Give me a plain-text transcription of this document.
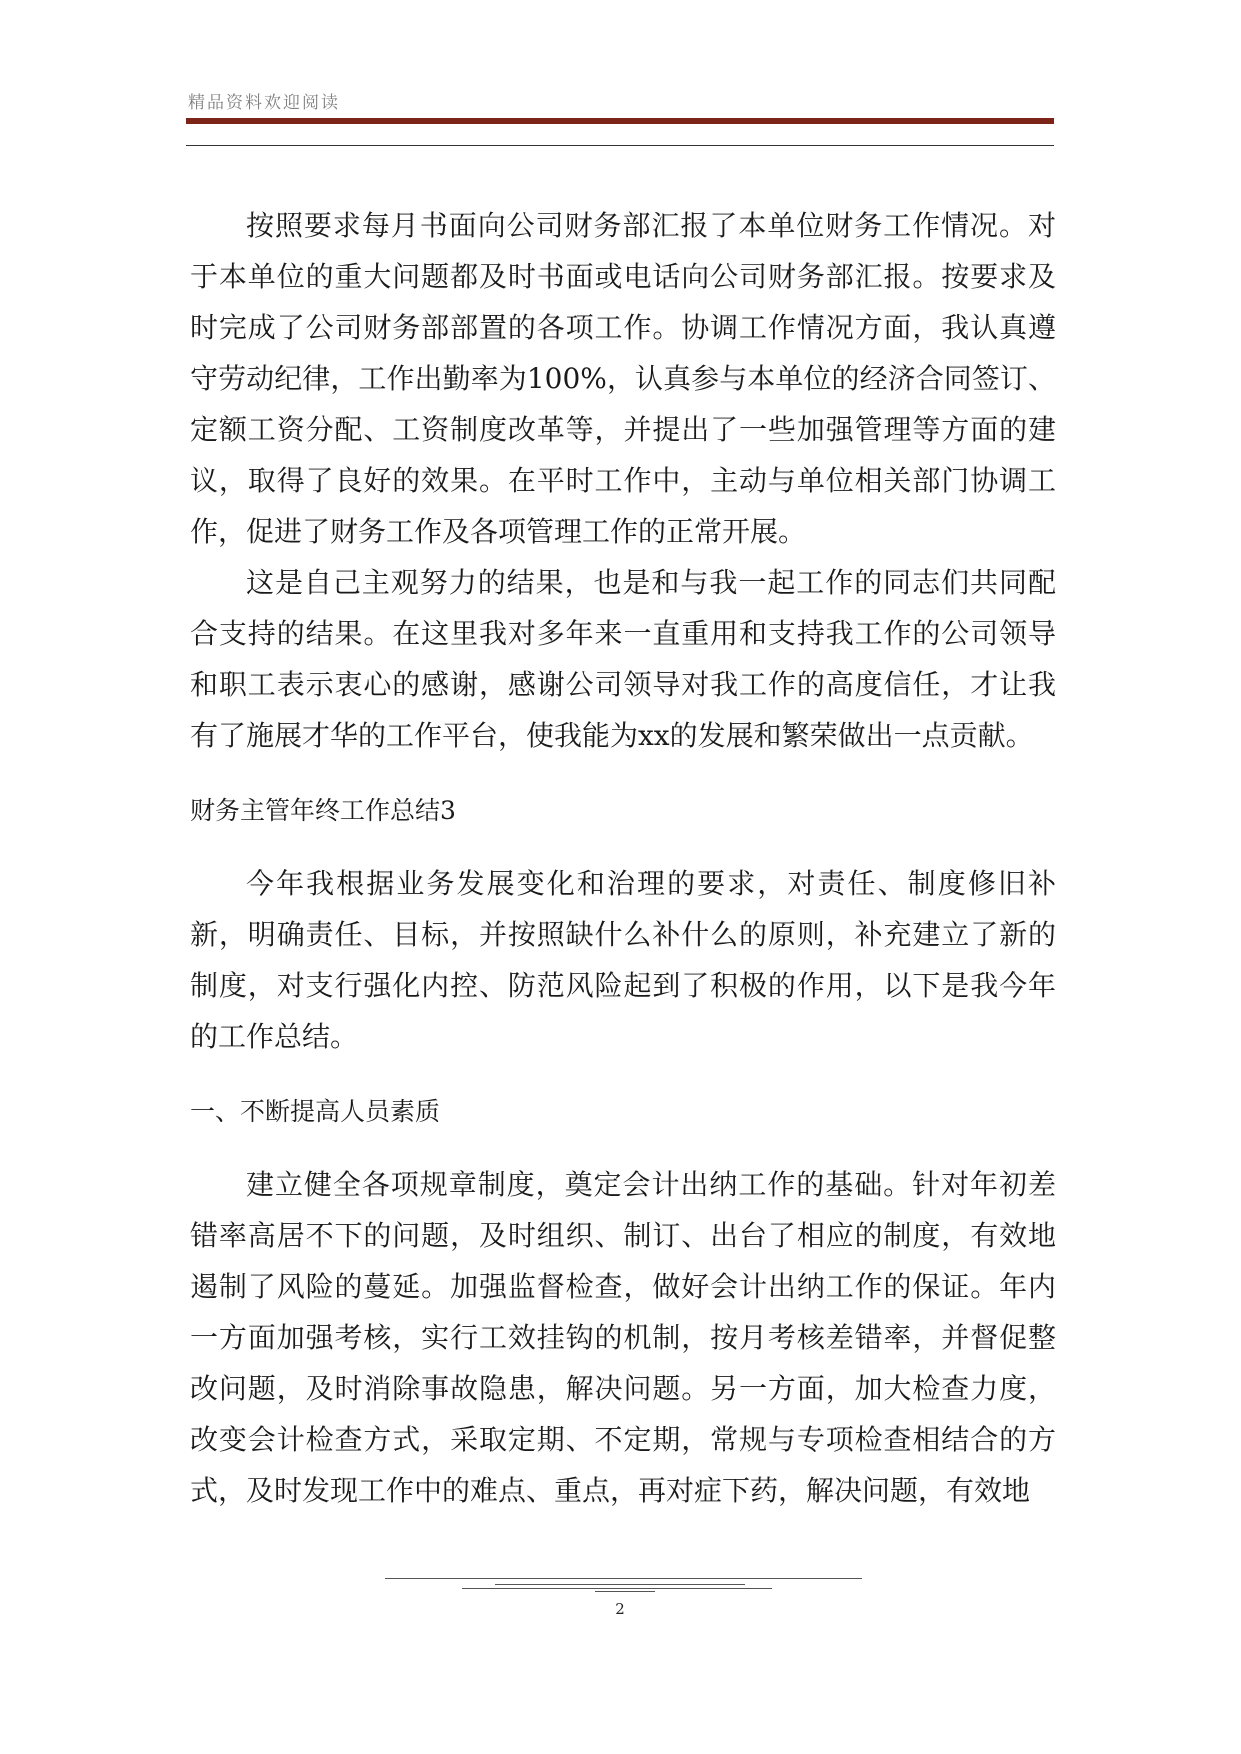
精品资料欢迎阅读

按照要求每月书面向公司财务部汇报了本单位财务工作情况。对于本单位的重大问题都及时书面或电话向公司财务部汇报。按要求及时完成了公司财务部部置的各项工作。协调工作情况方面，我认真遵守劳动纪律，工作出勤率为100%，认真参与本单位的经济合同签订、定额工资分配、工资制度改革等，并提出了一些加强管理等方面的建议，取得了良好的效果。在平时工作中，主动与单位相关部门协调工作，促进了财务工作及各项管理工作的正常开展。

这是自己主观努力的结果，也是和与我一起工作的同志们共同配合支持的结果。在这里我对多年来一直重用和支持我工作的公司领导和职工表示衷心的感谢，感谢公司领导对我工作的高度信任，才让我有了施展才华的工作平台，使我能为xx的发展和繁荣做出一点贡献。

财务主管年终工作总结3

今年我根据业务发展变化和治理的要求，对责任、制度修旧补新，明确责任、目标，并按照缺什么补什么的原则，补充建立了新的制度，对支行强化内控、防范风险起到了积极的作用，以下是我今年的工作总结。

一、不断提高人员素质

建立健全各项规章制度，奠定会计出纳工作的基础。针对年初差错率高居不下的问题，及时组织、制订、出台了相应的制度，有效地遏制了风险的蔓延。加强监督检查，做好会计出纳工作的保证。年内一方面加强考核，实行工效挂钩的机制，按月考核差错率，并督促整改问题，及时消除事故隐患，解决问题。另一方面，加大检查力度，改变会计检查方式，采取定期、不定期，常规与专项检查相结合的方式，及时发现工作中的难点、重点，再对症下药，解决问题，有效地

2
